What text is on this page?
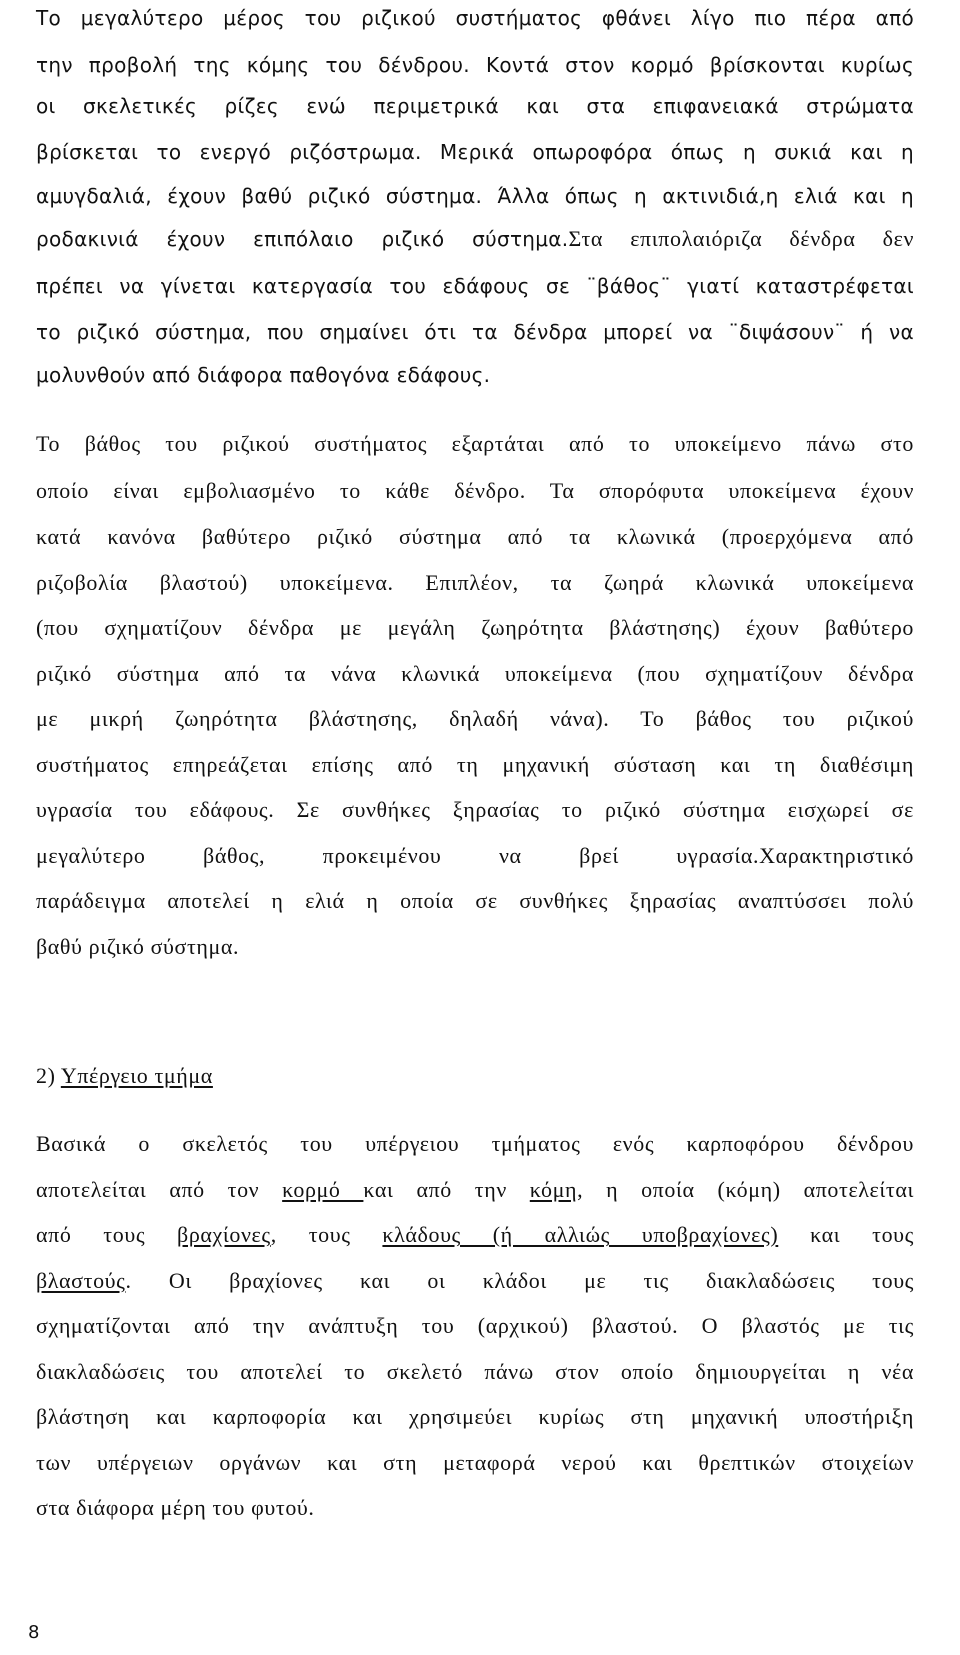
Το μεγαλύτερο μέρος του ριζικού συστήματος φθάνει λίγο πιο πέρα από
την προβολή της κόμης του δένδρου. Κοντά στον κορμό βρίσκονται κυρίως
οι σκελετικές ρίζες ενώ περιμετρικά και στα επιφανειακά στρώματα
βρίσκεται το ενεργό ριζόστρωμα. Μερικά οπωροφόρα όπως η συκιά και η
αμυγδαλιά, έχουν βαθύ ριζικό σύστημα. Άλλα όπως η ακτινιδιά,η ελιά και η
ροδακινιά έχουν επιπόλαιο ριζικό σύστημα.Στα επιπολαιόριζα δένδρα δεν
πρέπει να γίνεται κατεργασία του εδάφους σε ¨βάθος¨ γιατί καταστρέφεται
το ριζικό σύστημα, που σημαίνει ότι τα δένδρα μπορεί να ¨διψάσουν¨ ή να
μολυνθούν από διάφορα παθογόνα εδάφους.
Το βάθος του ριζικού συστήματος εξαρτάται από το υποκείμενο πάνω στο
οποίο είναι εμβολιασμένο το κάθε δένδρο. Τα σπορόφυτα υποκείμενα έχουν
κατά κανόνα βαθύτερο ριζικό σύστημα από τα κλωνικά (προερχόμενα από
ριζοβολία βλαστού) υποκείμενα. Επιπλέον, τα ζωηρά κλωνικά υποκείμενα
(που σχηματίζουν δένδρα με μεγάλη ζωηρότητα βλάστησης) έχουν βαθύτερο
ριζικό σύστημα από τα νάνα κλωνικά υποκείμενα (που σχηματίζουν δένδρα
με μικρή ζωηρότητα βλάστησης, δηλαδή νάνα). Το βάθος του ριζικού
συστήματος επηρεάζεται επίσης από τη μηχανική σύσταση και τη διαθέσιμη
υγρασία του εδάφους. Σε συνθήκες ξηρασίας το ριζικό σύστημα εισχωρεί σε
μεγαλύτερο βάθος, προκειμένου να βρεί υγρασία.Χαρακτηριστικό
παράδειγμα αποτελεί η ελιά η οποία σε συνθήκες ξηρασίας αναπτύσσει πολύ
βαθύ ριζικό σύστημα.
2) Υπέργειο τμήμα
Βασικά ο σκελετός του υπέργειου τμήματος ενός καρποφόρου δένδρου
αποτελείται από τον κορμό και από την κόμη, η οποία (κόμη) αποτελείται
από τους βραχίονες, τους κλάδους (ή αλλιώς υποβραχίονες) και τους
βλαστούς. Οι βραχίονες και οι κλάδοι με τις διακλαδώσεις τους
σχηματίζονται από την ανάπτυξη του (αρχικού) βλαστού. Ο βλαστός με τις
διακλαδώσεις του αποτελεί το σκελετό πάνω στον οποίο δημιουργείται η νέα
βλάστηση και καρποφορία και χρησιμεύει κυρίως στη μηχανική υποστήριξη
των υπέργειων οργάνων και στη μεταφορά νερού και θρεπτικών στοιχείων
στα διάφορα μέρη του φυτού.
8
